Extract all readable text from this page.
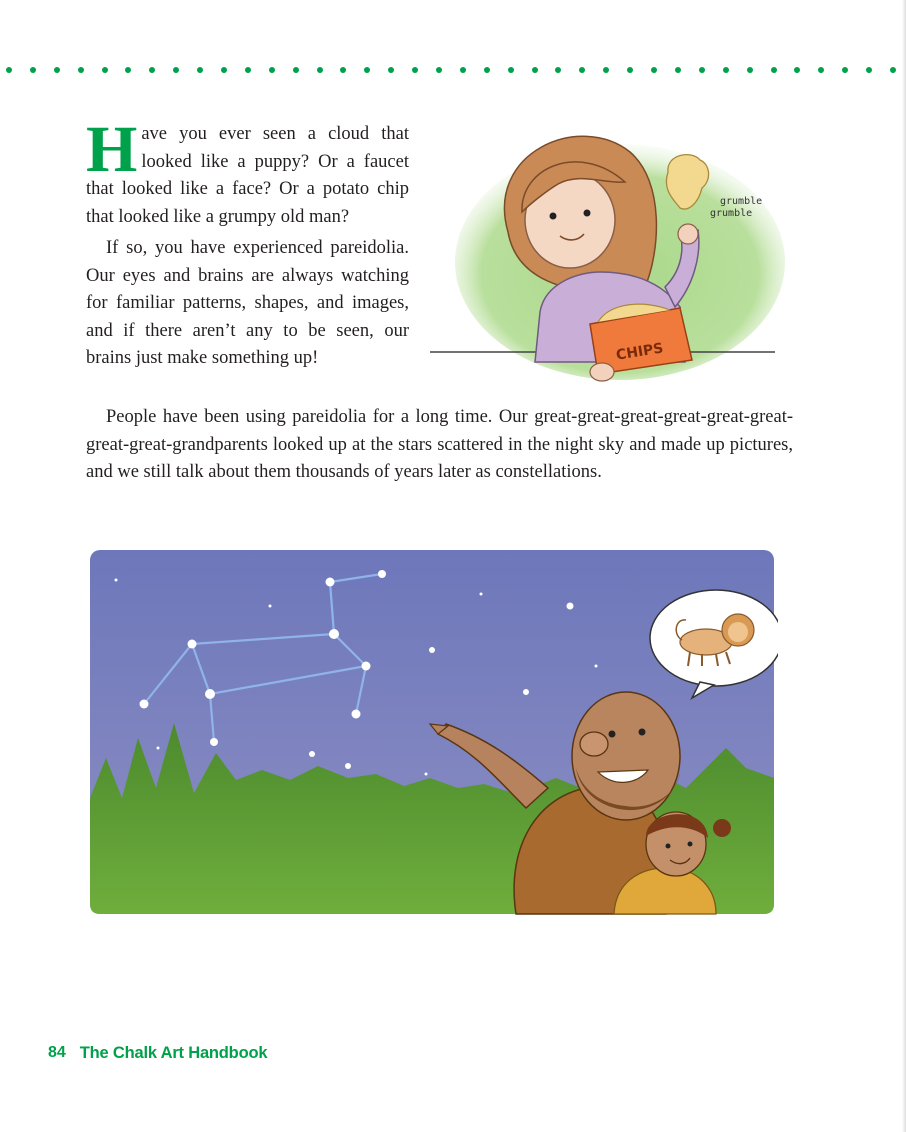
Have you ever seen a cloud that looked like a puppy? Or a faucet that looked like a face? Or a potato chip that looked like a grumpy old man?

If so, you have experienced pareidolia. Our eyes and brains are always watching for familiar patterns, shapes, and images, and if there aren’t any to be seen, our brains just make something up!

grumble
grumble
CHIPS

People have been using pareidolia for a long time. Our great-great-great-great-great-great-great-great-grandparents looked up at the stars scattered in the night sky and made up pictures, and we still talk about them thousands of years later as constellations.

84 The Chalk Art Handbook
